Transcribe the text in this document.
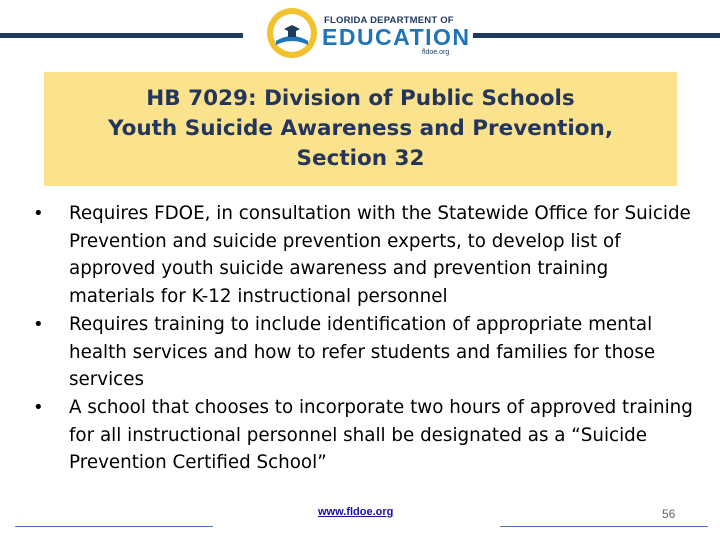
FLORIDA DEPARTMENT OF
EDUCATION
fldoe.org
HB 7029: Division of Public Schools
Youth Suicide Awareness and Prevention,
Section 32
•	Requires FDOE, in consultation with the Statewide Office for Suicide Prevention and suicide prevention experts, to develop list of approved youth suicide awareness and prevention training materials for K-12 instructional personnel
•	Requires training to include identification of appropriate mental health services and how to refer students and families for those services
•	A school that chooses to incorporate two hours of approved training for all instructional personnel shall be designated as a “Suicide Prevention Certified School”
www.fldoe.org	56
